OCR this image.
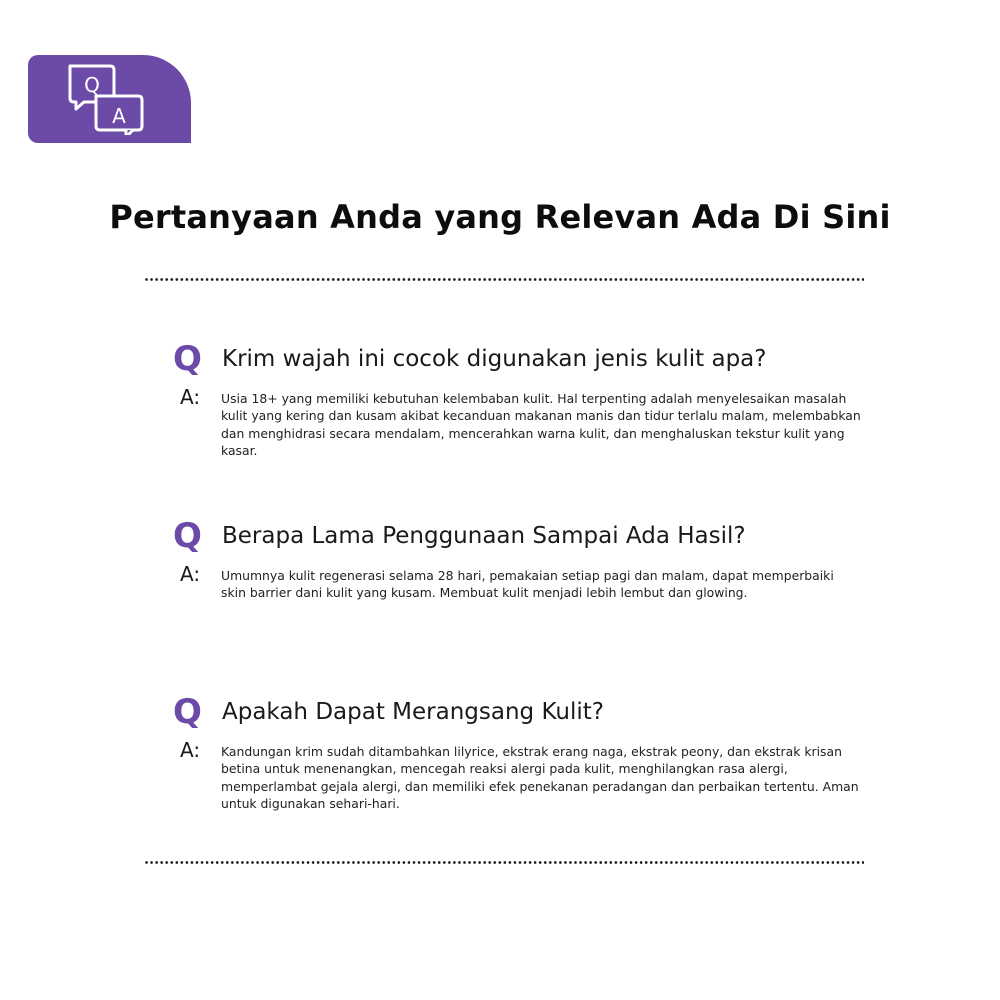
Q
A
Pertanyaan Anda yang Relevan Ada Di Sini
Q Krim wajah ini cocok digunakan jenis kulit apa?
A: Usia 18+ yang memiliki kebutuhan kelembaban kulit. Hal terpenting adalah menyelesaikan masalah kulit yang kering dan kusam akibat kecanduan makanan manis dan tidur terlalu malam, melembabkan dan menghidrasi secara mendalam, mencerahkan warna kulit, dan menghaluskan tekstur kulit yang kasar.

Q Berapa Lama Penggunaan Sampai Ada Hasil?
A: Umumnya kulit regenerasi selama 28 hari, pemakaian setiap pagi dan malam, dapat memperbaiki skin barrier dani kulit yang kusam. Membuat kulit menjadi lebih lembut dan glowing.

Q Apakah Dapat Merangsang Kulit?
A: Kandungan krim sudah ditambahkan lilyrice, ekstrak erang naga, ekstrak peony, dan ekstrak krisan betina untuk menenangkan, mencegah reaksi alergi pada kulit, menghilangkan rasa alergi, memperlambat gejala alergi, dan memiliki efek penekanan peradangan dan perbaikan tertentu. Aman untuk digunakan sehari-hari.
